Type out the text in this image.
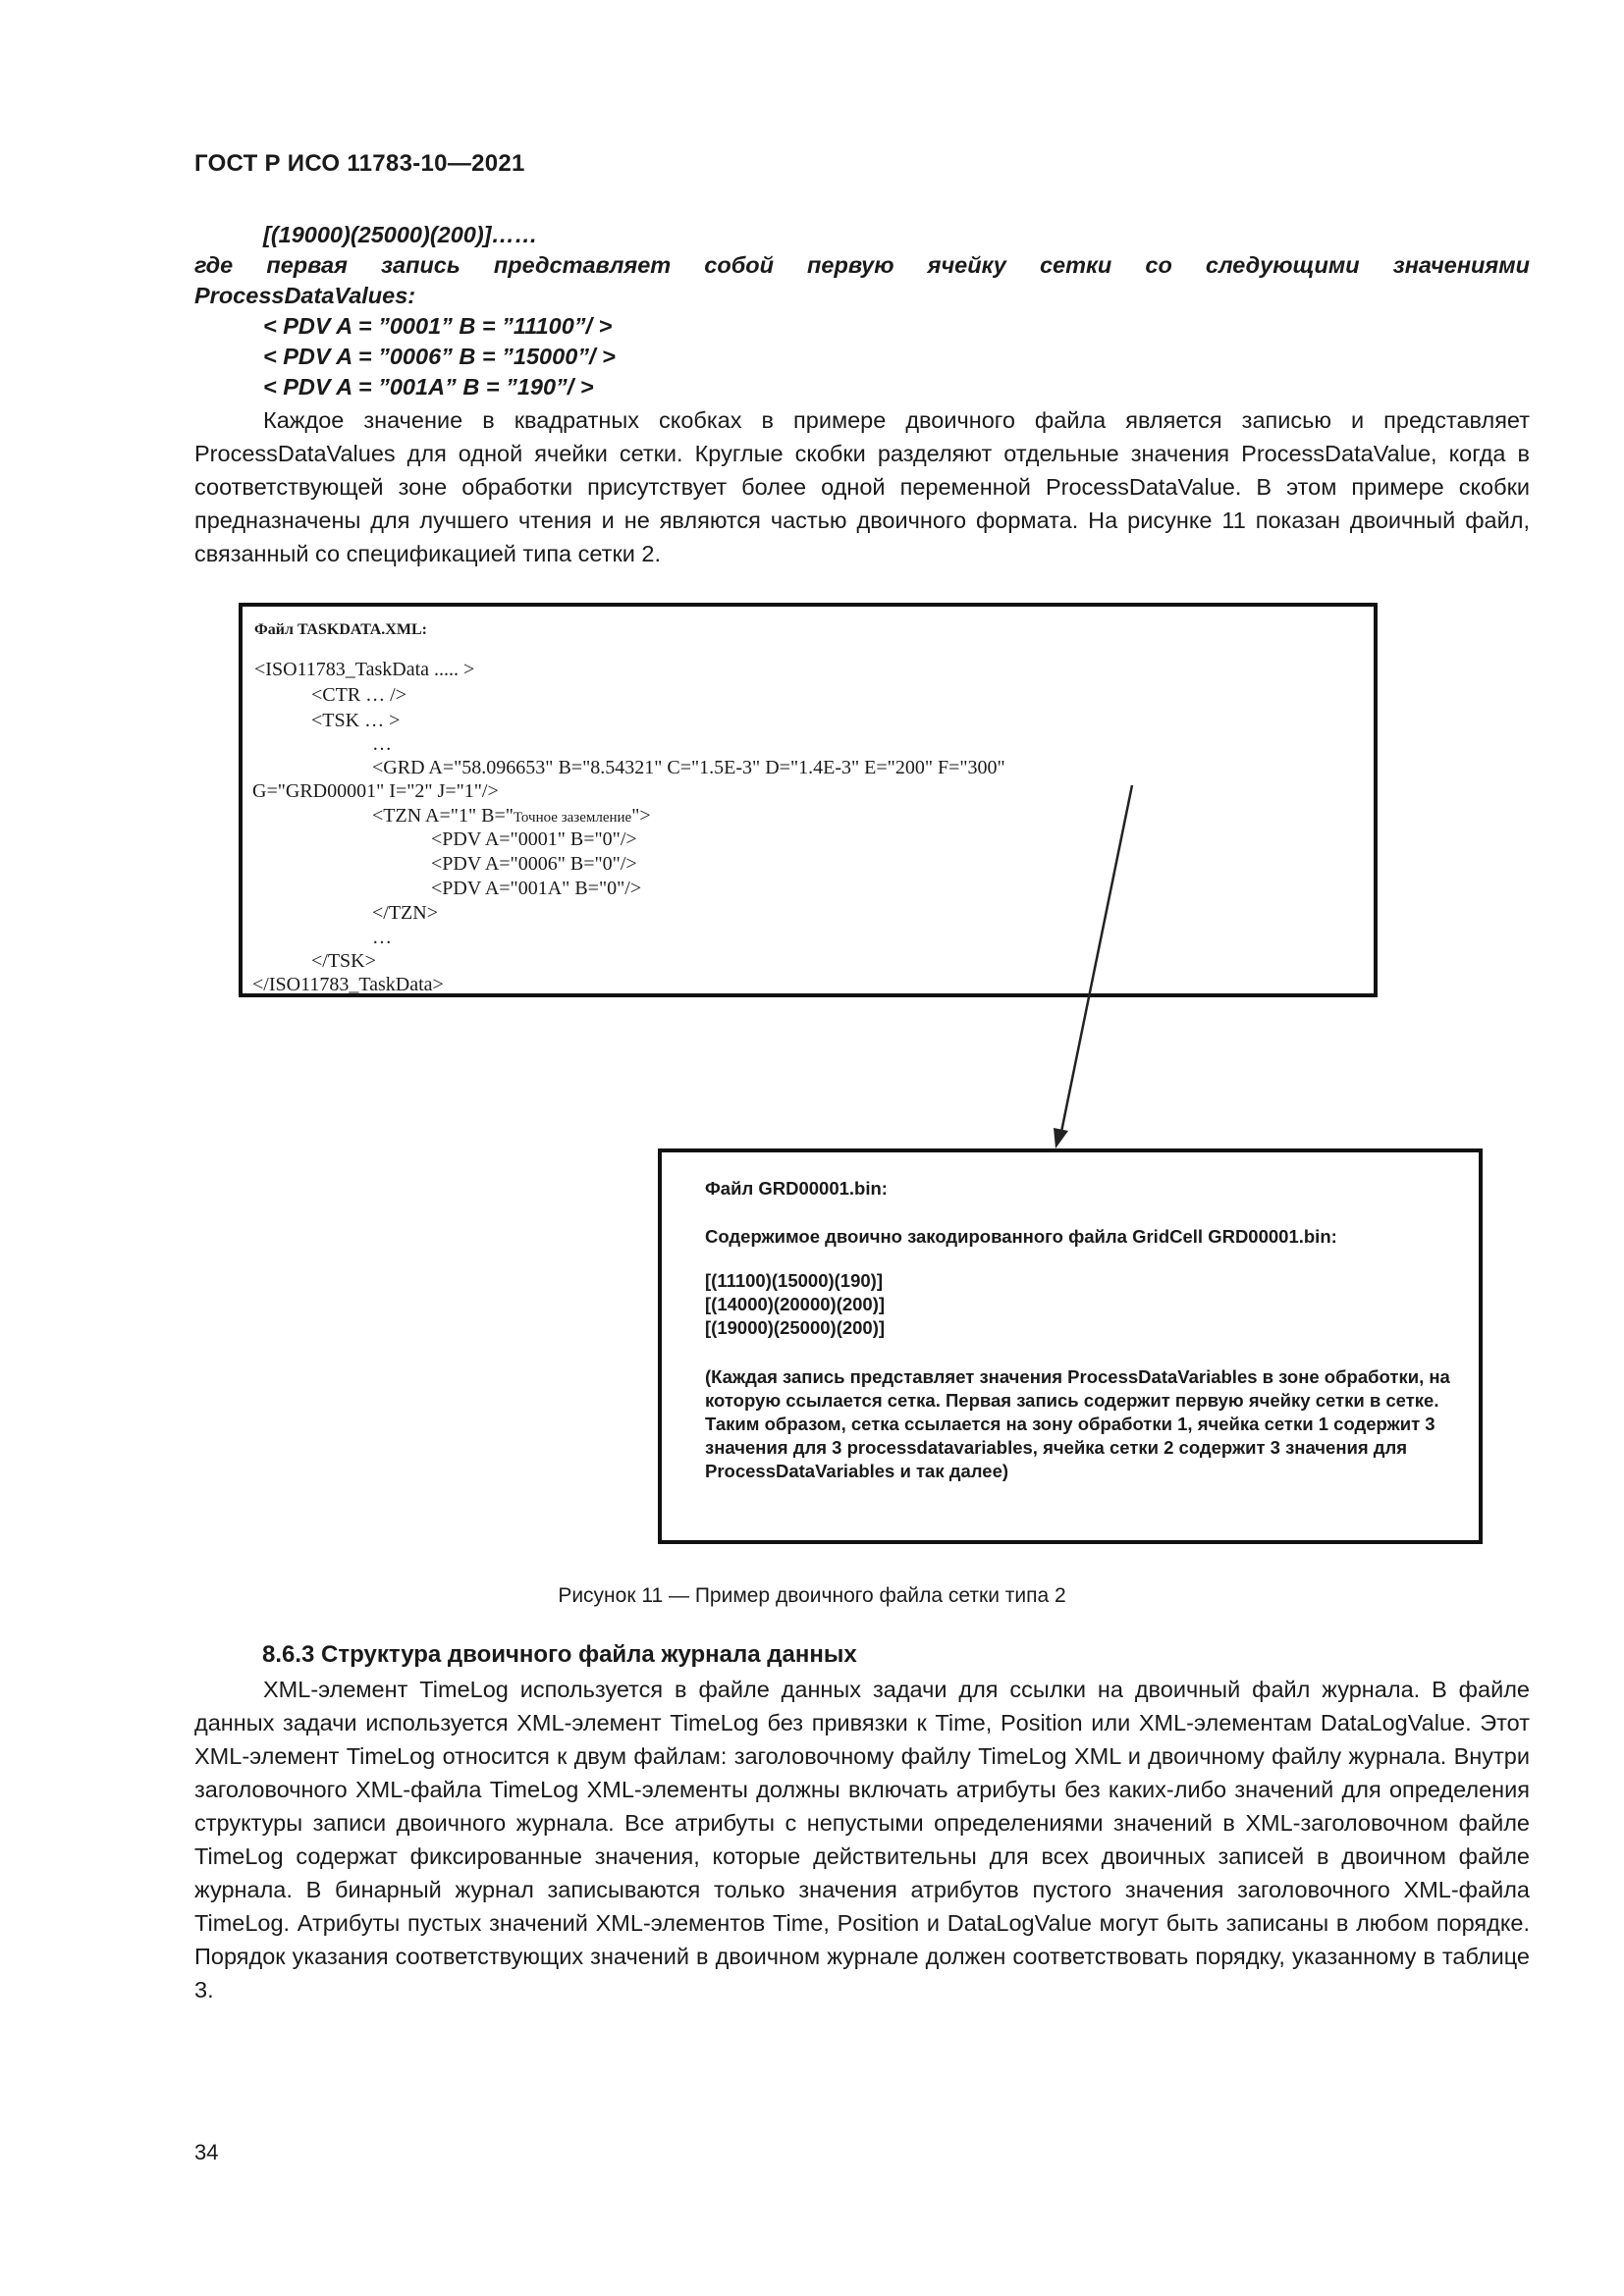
ГОСТ Р ИСО 11783-10—2021
[(19000)(25000)(200)]……
где первая запись представляет собой первую ячейку сетки со следующими значениями
ProcessDataValues:
< PDV A = ”0001” B = ”11100”/ >
< PDV A = ”0006” B = ”15000”/ >
< PDV A = ”001A” B = ”190”/ >
Каждое значение в квадратных скобках в примере двоичного файла является записью и представляет ProcessDataValues для одной ячейки сетки. Круглые скобки разделяют отдельные значения ProcessDataValue, когда в соответствующей зоне обработки присутствует более одной переменной ProcessDataValue. В этом примере скобки предназначены для лучшего чтения и не являются частью двоичного формата. На рисунке 11 показан двоичный файл, связанный со спецификацией типа сетки 2.
Файл TASKDATA.XML:
<ISO11783_TaskData ..... >
<CTR … />
<TSK … >
…
<GRD A="58.096653" B="8.54321" C="1.5E-3" D="1.4E-3" E="200" F="300"
G="GRD00001" I="2" J="1"/>
<TZN A="1" B="Точное заземление">
<PDV A="0001" B="0"/>
<PDV A="0006" B="0"/>
<PDV A="001A" B="0"/>
</TZN>
…
</TSK>
</ISO11783_TaskData>
Файл GRD00001.bin:
Содержимое двоично закодированного файла GridCell GRD00001.bin:
[(11100)(15000)(190)]
[(14000)(20000)(200)]
[(19000)(25000)(200)]
(Каждая запись представляет значения ProcessDataVariables в зоне обработки, на которую ссылается сетка. Первая запись содержит первую ячейку сетки в сетке. Таким образом, сетка ссылается на зону обработки 1, ячейка сетки 1 содержит 3 значения для 3 processdatavariables, ячейка сетки 2 содержит 3 значения для ProcessDataVariables и так далее)
Рисунок 11 — Пример двоичного файла сетки типа 2
8.6.3 Структура двоичного файла журнала данных
XML-элемент TimeLog используется в файле данных задачи для ссылки на двоичный файл журнала. В файле данных задачи используется XML-элемент TimeLog без привязки к Time, Position или XML-элементам DataLogValue. Этот XML-элемент TimeLog относится к двум файлам: заголовочному файлу TimeLog XML и двоичному файлу журнала. Внутри заголовочного XML-файла TimeLog XML-элементы должны включать атрибуты без каких-либо значений для определения структуры записи двоичного журнала. Все атрибуты с непустыми определениями значений в XML-заголовочном файле TimeLog содержат фиксированные значения, которые действительны для всех двоичных записей в двоичном файле журнала. В бинарный журнал записываются только значения атрибутов пустого значения заголовочного XML-файла TimeLog. Атрибуты пустых значений XML-элементов Time, Position и DataLogValue могут быть записаны в любом порядке. Порядок указания соответствующих значений в двоичном журнале должен соответствовать порядку, указанному в таблице 3.
34
